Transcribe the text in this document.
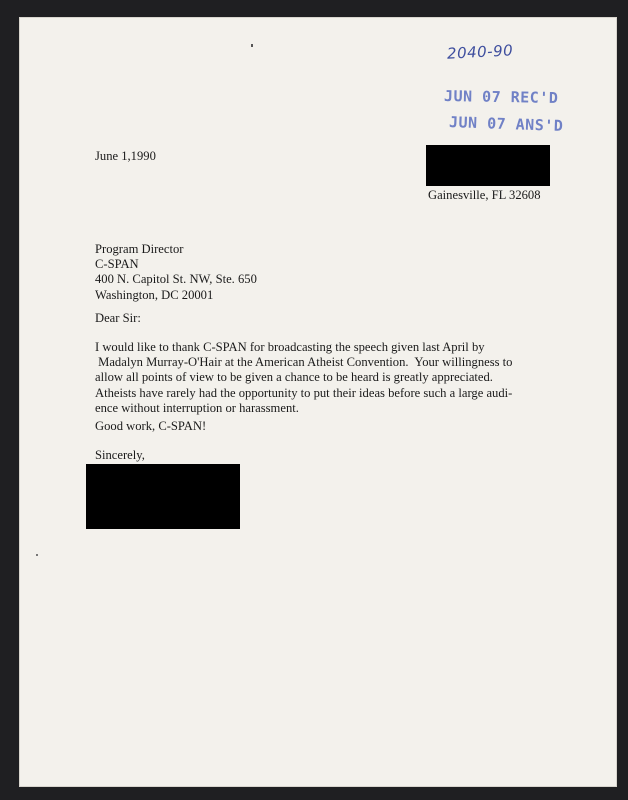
2040-90
JUN 07 REC'D
JUN 07 ANS'D
June 1,1990
Gainesville, FL 32608
Program Director
C-SPAN
400 N. Capitol St. NW, Ste. 650
Washington, DC 20001
Dear Sir:
I would like to thank C-SPAN for broadcasting the speech given last April by
Madalyn Murray-O'Hair at the American Atheist Convention.  Your willingness to
allow all points of view to be given a chance to be heard is greatly appreciated.
Atheists have rarely had the opportunity to put their ideas before such a large audi-
ence without interruption or harassment.
Good work, C-SPAN!
Sincerely,
